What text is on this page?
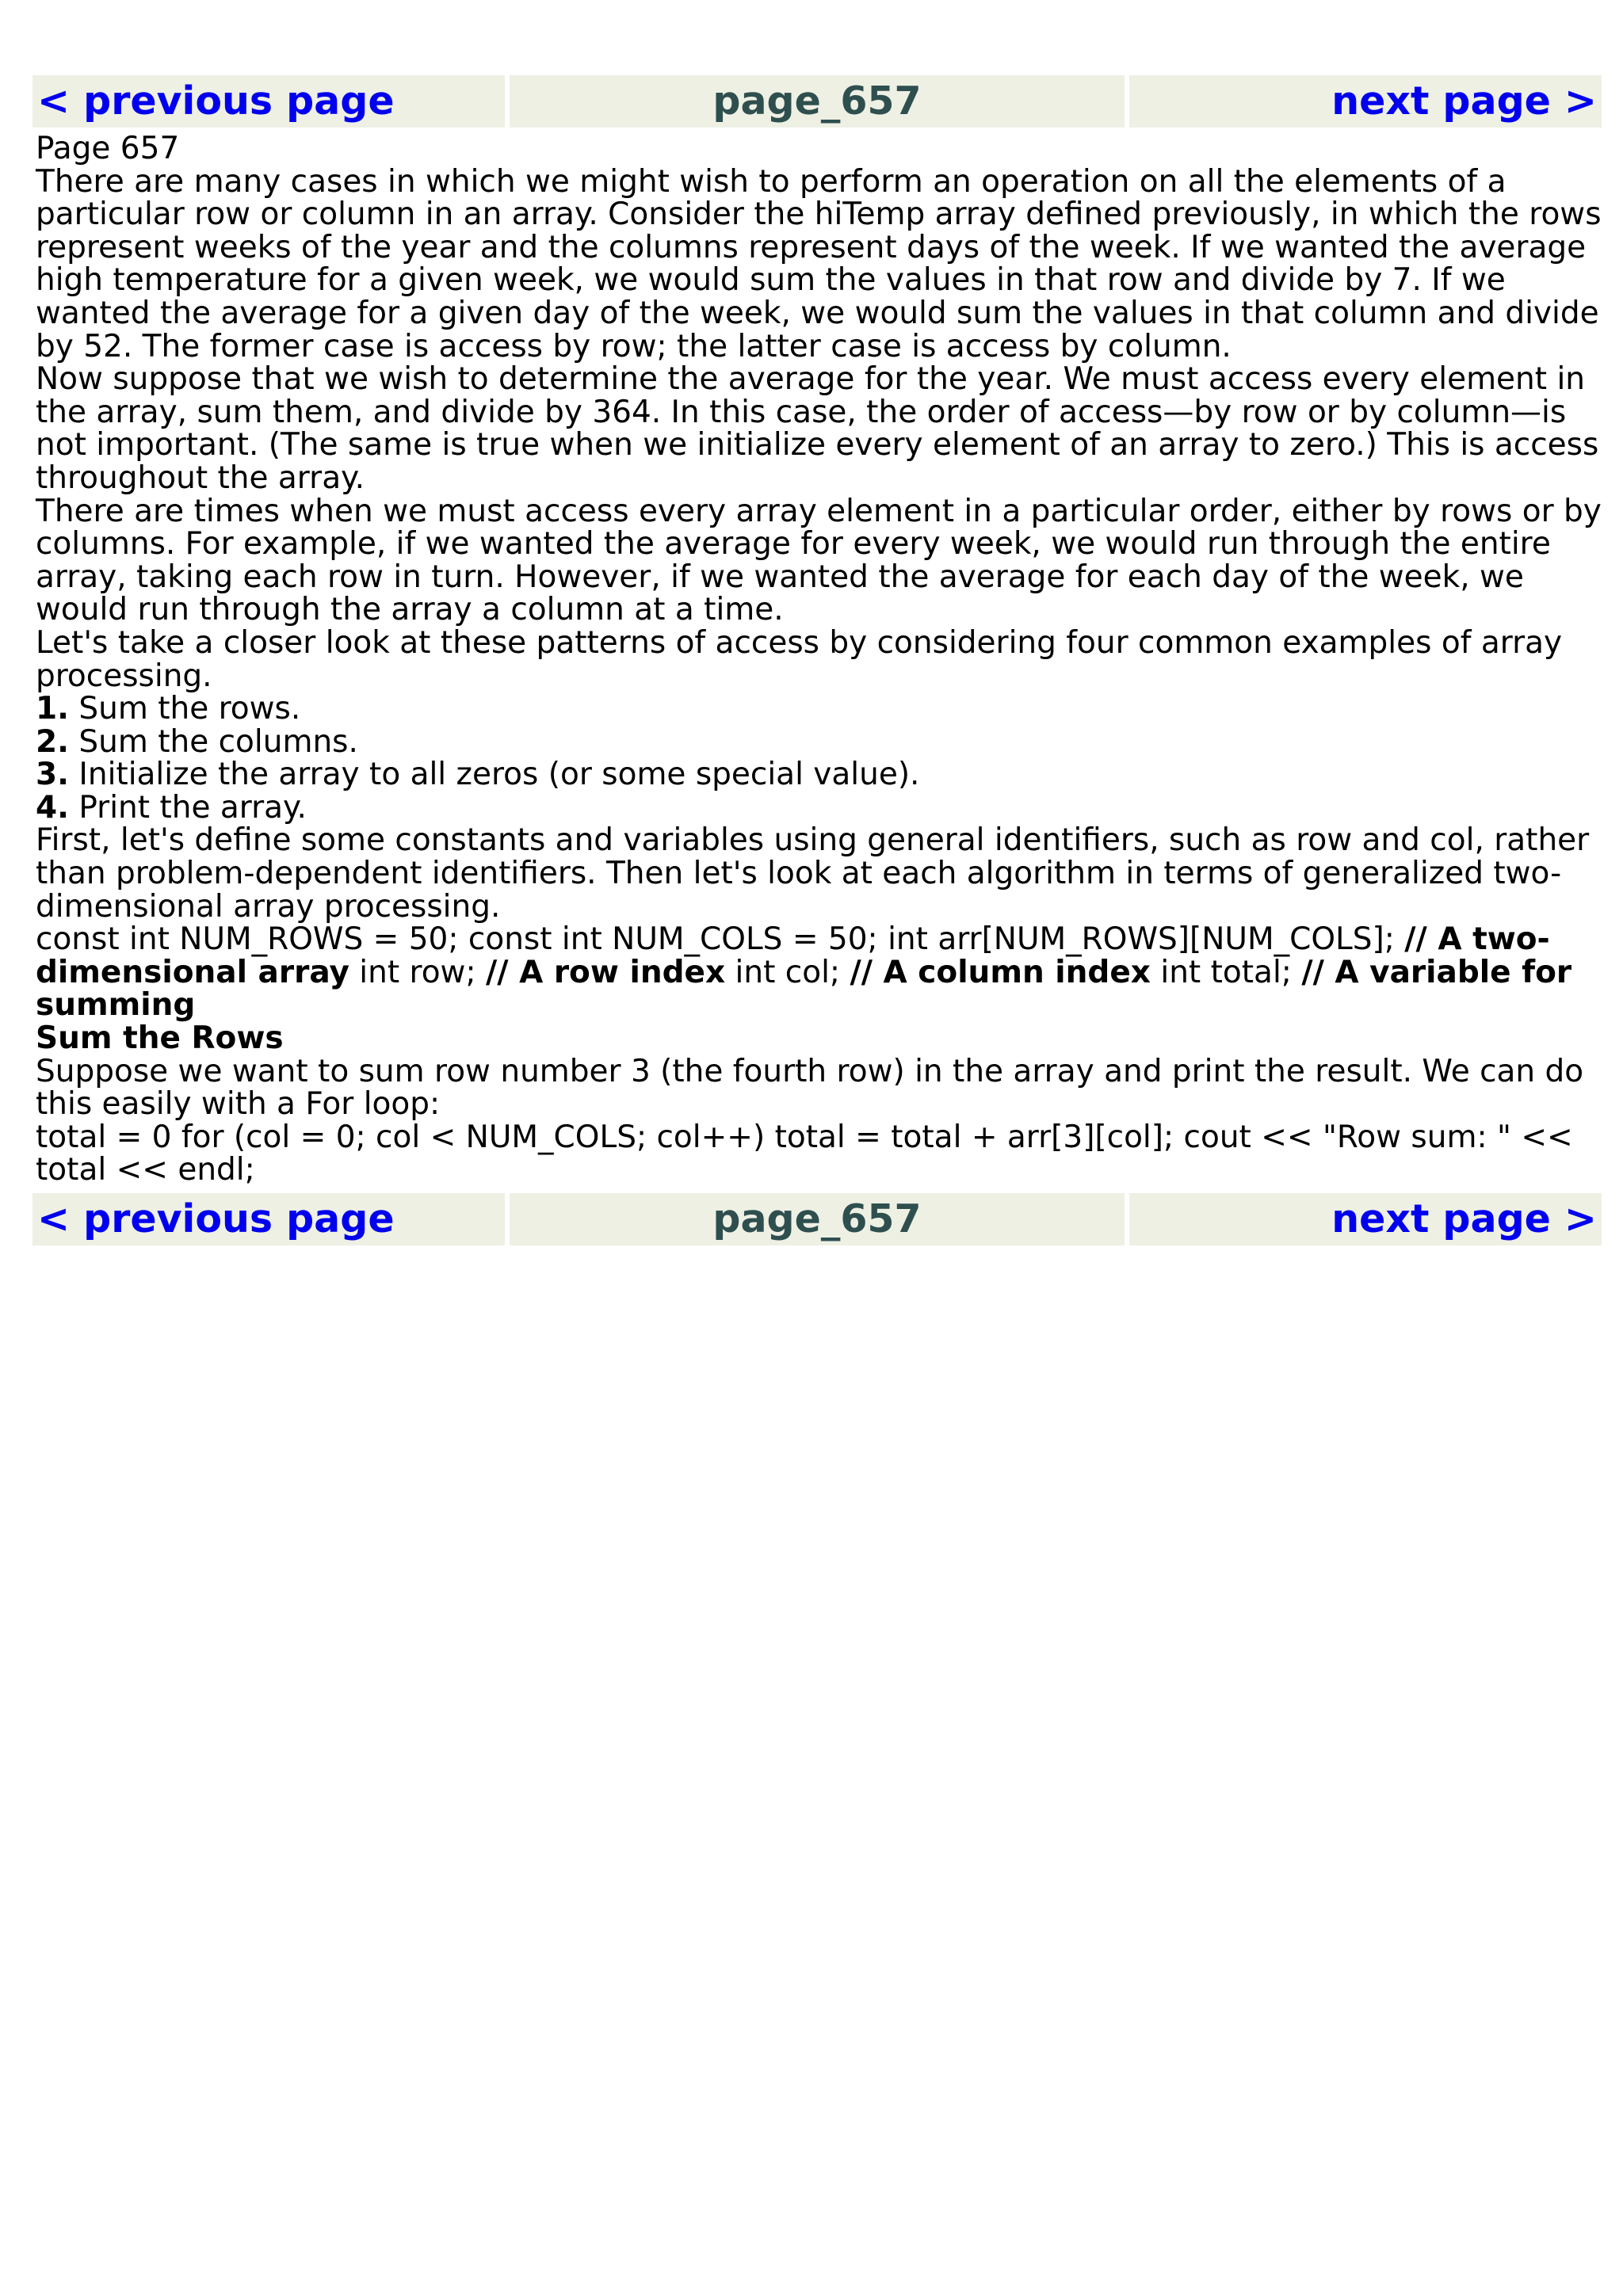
< previous page	page_657	next page >

Page 657

There are many cases in which we might wish to perform an operation on all the elements of a particular row or column in an array. Consider the hiTemp array defined previously, in which the rows represent weeks of the year and the columns represent days of the week. If we wanted the average high temperature for a given week, we would sum the values in that row and divide by 7. If we wanted the average for a given day of the week, we would sum the values in that column and divide by 52. The former case is access by row; the latter case is access by column.

Now suppose that we wish to determine the average for the year. We must access every element in the array, sum them, and divide by 364. In this case, the order of access—by row or by column—is not important. (The same is true when we initialize every element of an array to zero.) This is access throughout the array.

There are times when we must access every array element in a particular order, either by rows or by columns. For example, if we wanted the average for every week, we would run through the entire array, taking each row in turn. However, if we wanted the average for each day of the week, we would run through the array a column at a time.

Let's take a closer look at these patterns of access by considering four common examples of array processing.

1. Sum the rows.

2. Sum the columns.

3. Initialize the array to all zeros (or some special value).

4. Print the array.

First, let's define some constants and variables using general identifiers, such as row and col, rather than problem-dependent identifiers. Then let's look at each algorithm in terms of generalized two-dimensional array processing.

const int NUM_ROWS = 50; const int NUM_COLS = 50; int arr[NUM_ROWS][NUM_COLS]; // A two-dimensional array int row; // A row index int col; // A column index int total; // A variable for summing

Sum the Rows

Suppose we want to sum row number 3 (the fourth row) in the array and print the result. We can do this easily with a For loop:

total = 0 for (col = 0; col < NUM_COLS; col++) total = total + arr[3][col]; cout << "Row sum: " << total << endl;

< previous page	page_657	next page >
